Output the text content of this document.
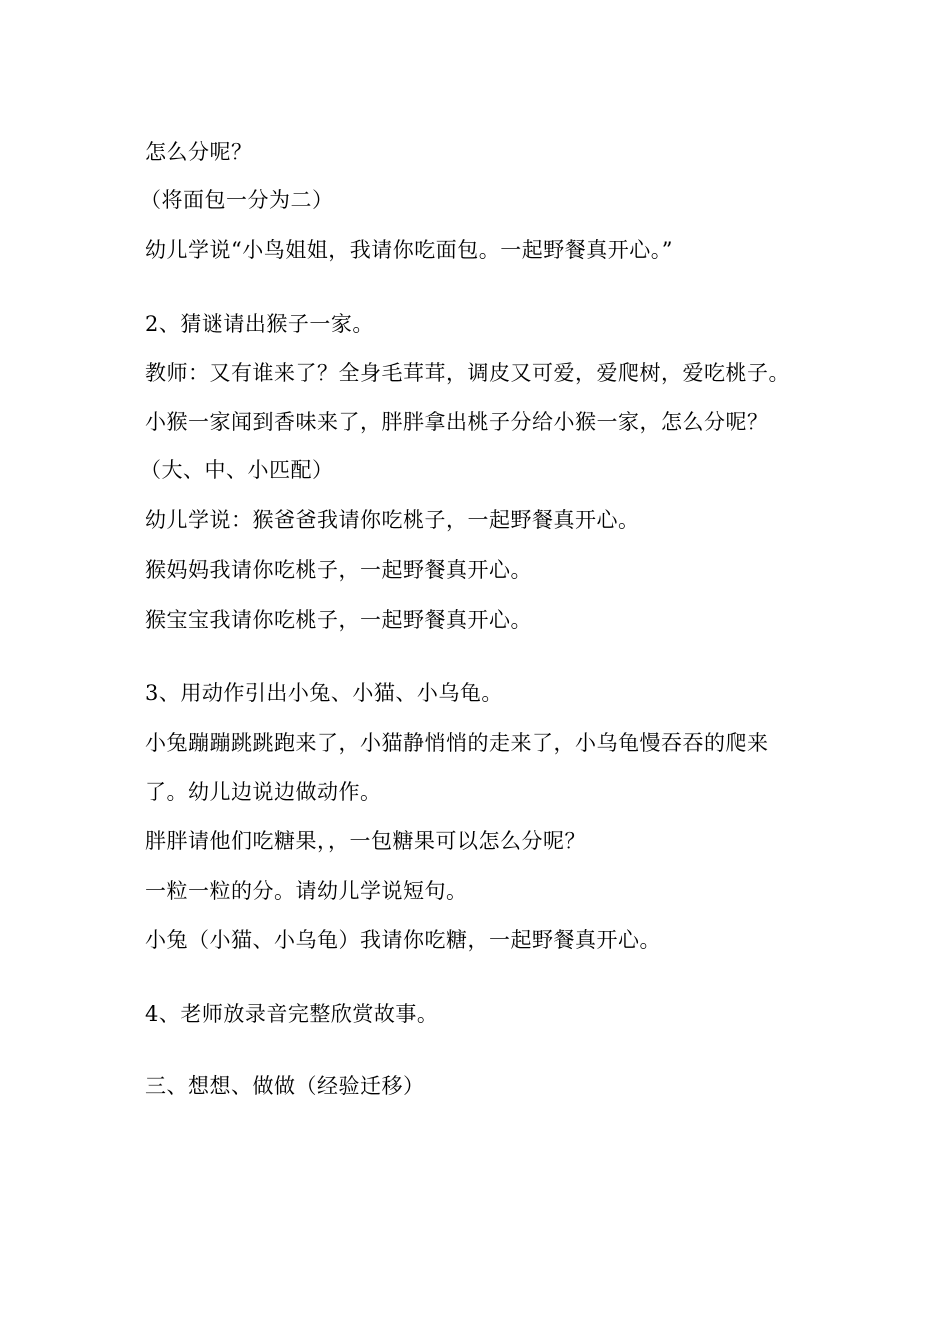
怎么分呢？
（将面包一分为二）
幼儿学说“小鸟姐姐，我请你吃面包。一起野餐真开心。”
2、猜谜请出猴子一家。
教师：又有谁来了？全身毛茸茸，调皮又可爱，爱爬树，爱吃桃子。
小猴一家闻到香味来了，胖胖拿出桃子分给小猴一家，怎么分呢？
（大、中、小匹配）
幼儿学说：猴爸爸我请你吃桃子，一起野餐真开心。
猴妈妈我请你吃桃子，一起野餐真开心。
猴宝宝我请你吃桃子，一起野餐真开心。
3、用动作引出小兔、小猫、小乌龟。
小兔蹦蹦跳跳跑来了，小猫静悄悄的走来了，小乌龟慢吞吞的爬来
了。幼儿边说边做动作。
胖胖请他们吃糖果，，一包糖果可以怎么分呢？
一粒一粒的分。请幼儿学说短句。
小兔（小猫、小乌龟）我请你吃糖，一起野餐真开心。
4、老师放录音完整欣赏故事。
三、想想、做做（经验迁移）
